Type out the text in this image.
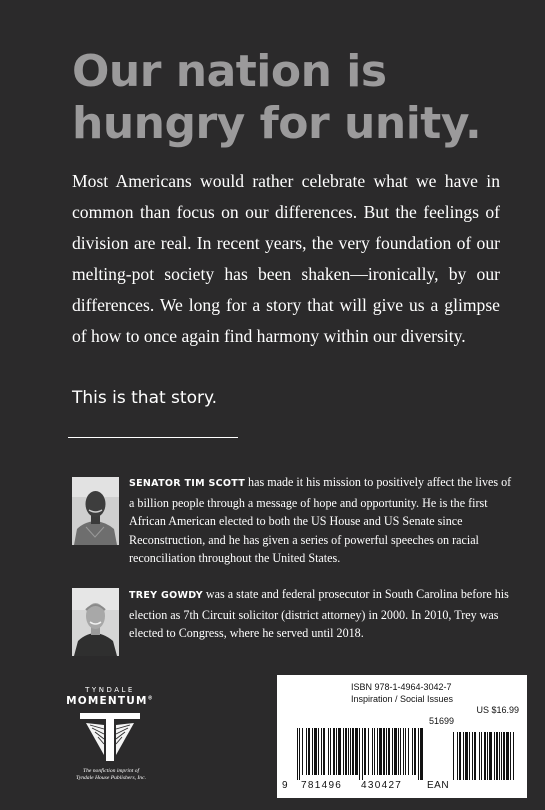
Our nation is
hungry for unity.

Most Americans would rather celebrate what we have in common than focus on our differences. But the feelings of division are real. In recent years, the very foundation of our melting-pot society has been shaken—ironically, by our differences. We long for a story that will give us a glimpse of how to once again find harmony within our diversity.

This is that story.

SENATOR TIM SCOTT has made it his mission to positively affect the lives of a billion people through a message of hope and opportunity. He is the first African American elected to both the US House and US Senate since Reconstruction, and he has given a series of powerful speeches on racial reconciliation throughout the United States.

TREY GOWDY was a state and federal prosecutor in South Carolina before his election as 7th Circuit solicitor (district attorney) in 2000. In 2010, Trey was elected to Congress, where he served until 2018.

TYNDALE

MOMENTUM®

The nonfiction imprint of
Tyndale House Publishers, Inc.
ISBN 978-1-4964-3042-7
Inspiration / Social Issues
US $16.99
51699
9 781496 430427 EAN
